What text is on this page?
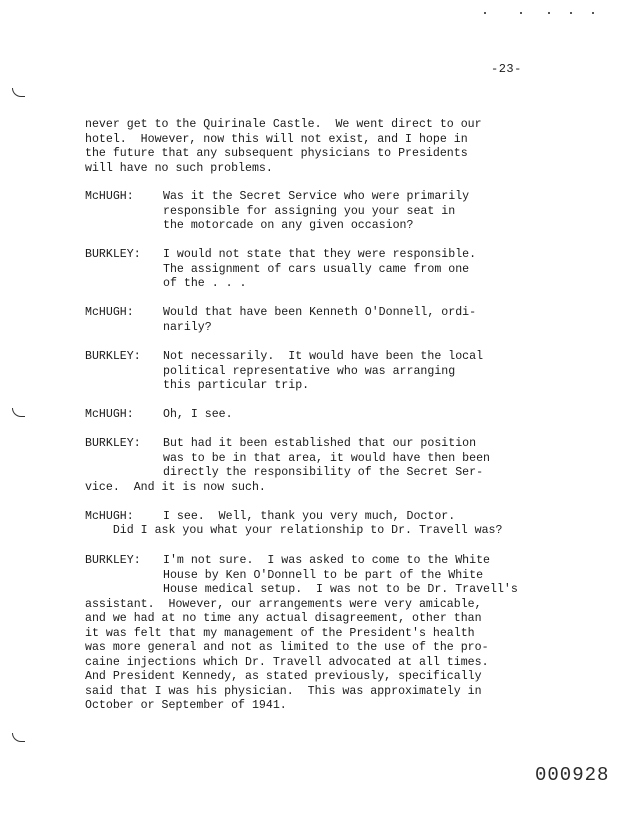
-23-
never get to the Quirinale Castle.  We went direct to our
hotel.  However, now this will not exist, and I hope in
the future that any subsequent physicians to Presidents
will have no such problems.
McHUGH:	Was it the Secret Service who were primarily
responsible for assigning you your seat in
the motorcade on any given occasion?
BURKLEY: I would not state that they were responsible.
The assignment of cars usually came from one
of the . . .
McHUGH:	Would that have been Kenneth O'Donnell, ordi-
narily?
BURKLEY: Not necessarily.  It would have been the local
political representative who was arranging
this particular trip.
McHUGH:	Oh, I see.
BURKLEY: But had it been established that our position
was to be in that area, it would have then been
directly the responsibility of the Secret Ser-
vice.  And it is now such.
McHUGH:	I see.  Well, thank you very much, Doctor.
Did I ask you what your relationship to Dr. Travell was?
BURKLEY: I'm not sure.  I was asked to come to the White
House by Ken O'Donnell to be part of the White
House medical setup.  I was not to be Dr. Travell's
assistant.  However, our arrangements were very amicable,
and we had at no time any actual disagreement, other than
it was felt that my management of the President's health
was more general and not as limited to the use of the pro-
caine injections which Dr. Travell advocated at all times.
And President Kennedy, as stated previously, specifically
said that I was his physician.  This was approximately in
October or September of 1941.
000928
